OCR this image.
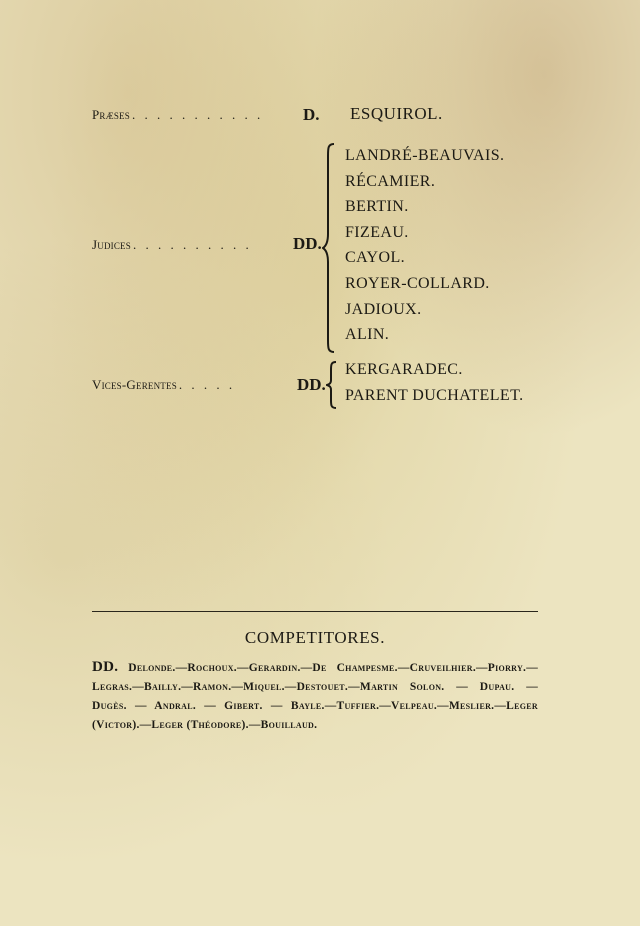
Præses . . . . . . . . . . . D. ESQUIROL.
Judices . . . . . . . . . . DD.
LANDRÉ-BEAUVAIS.
RÉCAMIER.
BERTIN.
FIZEAU.
CAYOL.
ROYER-COLLARD.
JADIOUX.
ALIN.
Vices-Gerentes . . . . .	DD.
KERGARADEC.
PARENT DUCHATELET.
COMPETITORES.
DD. Delonde.—Rochoux.—Gerardin.—De Champesme.—Cruveilhier.—Piorry.—Legras.—Bailly.—Ramon.—Miquel.—Destouet.—Martin Solon. — Dupau. — Dugès. — Andral. — Gibert. — Bayle.—Tuffier.—Velpeau.—Meslier.—Leger (Victor).—Leger (Théodore).—Bouillaud.
